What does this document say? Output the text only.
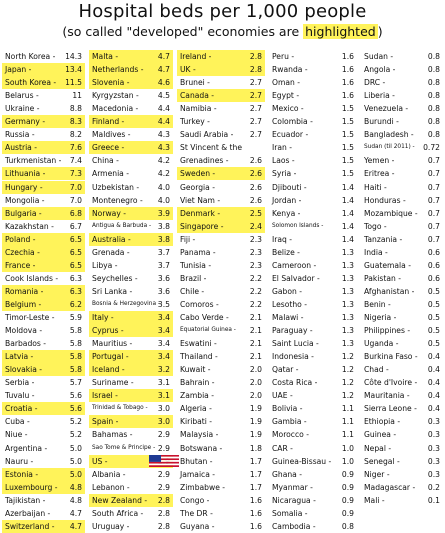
Hospital beds per 1,000 people
(so called "developed" economies are highlighted )
North Korea - 14.3
Japan -	13.4
South Korea - 11.5
Belarus -	11
Ukraine -	8.8
Germany -	8.3
Russia -	8.2
Austria -	7.6
Turkmenistan - 7.4
Lithuania -	7.3
Hungary -	7.0
Mongolia -	7.0
Bulgaria -	6.8
Kazakhstan - 6.7
Poland -	6.5
Czechia -	6.5
France -	6.5
Cook Islands - 6.3
Romania -	6.3
Belgium -	6.2
Timor-Leste - 5.9
Moldova -	5.8
Barbados -	5.8
Latvia -	5.8
Slovakia -	5.8
Serbia -	5.7
Tuvalu -	5.6
Croatia -	5.6
Cuba -	5.2
Niue -	5.2
Argentina -	5.0
Nauru -	5.0
Estonia -	5.0
Luxembourg - 4.8
Tajikistan -	4.8
Azerbaijan -	4.7
Switzerland - 4.7
Malta -	4.7
Netherlands - 4.7
Slovenia -	4.6
Kyrgyzstan -	4.5
Macedonia -	4.4
Finland -	4.4
Maldives -	4.3
Greece -	4.3
China -	4.2
Armenia -	4.2
Uzbekistan - 4.0
Montenegro - 4.0
Norway -	3.9
Antigua & Barbuda - 3.8
Australia -	3.8
Grenada -	3.7
Libya -	3.7
Seychelles -	3.6
Sri Lanka -	3.6
Bosnia & Herzegovina -
3.5
Italy -	3.4
Cyprus -	3.4
Mauritius -	3.4
Portugal -	3.4
Iceland -	3.2
Suriname -	3.1
Israel -	3.1
Trinidad & Tobago - 3.0
Spain -	3.0
Bahamas -	2.9
Sao Tome & Principe - 2.9
US -
Albania -	2.9
Lebanon -	2.9
New Zealand - 2.8
South Africa - 2.8
Uruguay -	2.8
Ireland -	2.8
UK -	2.8
Brunei -	2.7
Canada -	2.7
Namibia -	2.7
Turkey -	2.7
Saudi Arabia - 2.7
St Vincent & the
Grenadines -	2.6
Sweden -	2.6
Georgia -	2.6
Viet Nam -	2.6
Denmark -	2.5
Singapore -	2.4
Fiji -	2.3
Panama -	2.3
Tunisia -	2.3
Brazil -	2.2
Chile -	2.2
Comoros -	2.2
Cabo Verde -	2.1
Equatorial Guinea - 2.1
Eswatini -	2.1
Thailand -	2.1
Kuwait -	2.0
Bahrain -	2.0
Zambia -	2.0
Algeria -	1.9
Kiribati -	1.9
Malaysia -	1.9
Botswana -	1.8
Bhutan -	1.7
Jamaica -	1.7
Zimbabwe -	1.7
Congo -	1.6
The DR -	1.6
Guyana -	1.6
Peru -	1.6
Rwanda -	1.6
Oman -	1.6
Egypt -	1.6
Mexico -	1.5
Colombia -	1.5
Ecuador -	1.5
Iran -	1.5
Laos -	1.5
Syria -	1.5
Djibouti -	1.4
Jordan -	1.4
Kenya -	1.4
Solomon Islands - 1.4
Iraq -	1.4
Belize -	1.3
Cameroon -	1.3
El Salvador -	1.3
Gabon -	1.3
Lesotho -	1.3
Malawi -	1.3
Paraguay -	1.3
Saint Lucia -	1.3
Indonesia -	1.2
Qatar -	1.2
Costa Rica -	1.2
UAE -	1.2
Bolivia -	1.1
Gambia -	1.1
Morocco -	1.1
CAR -	1.0
Guinea-Bissau - 1.0
Ghana -	0.9
Myanmar -	0.9
Nicaragua -	0.9
Somalia -	0.9
Cambodia -	0.8
Sudan -	0.8
Angola -	0.8
DRC -	0.8
Liberia -	0.8
Venezuela -	0.8
Burundi -	0.8
Bangladesh - 0.8
Sudan (til 2011) - 0.72
Yemen -	0.7
Eritrea -	0.7
Haiti -	0.7
Honduras -	0.7
Mozambique - 0.7
Togo -	0.7
Tanzania -	0.7
India -	0.6
Guatemala - 0.6
Pakistan -	0.6
Afghanistan - 0.5
Benin -	0.5
Nigeria -	0.5
Philippines - 0.5
Uganda -	0.5
Burkina Faso - 0.4
Chad -	0.4
Côte d'Ivoire - 0.4
Mauritania - 0.4
Sierra Leone - 0.4
Ethiopia -	0.3
Guinea -	0.3
Nepal -	0.3
Senegal -	0.3
Niger -	0.3
Madagascar - 0.2
Mali -	0.1
